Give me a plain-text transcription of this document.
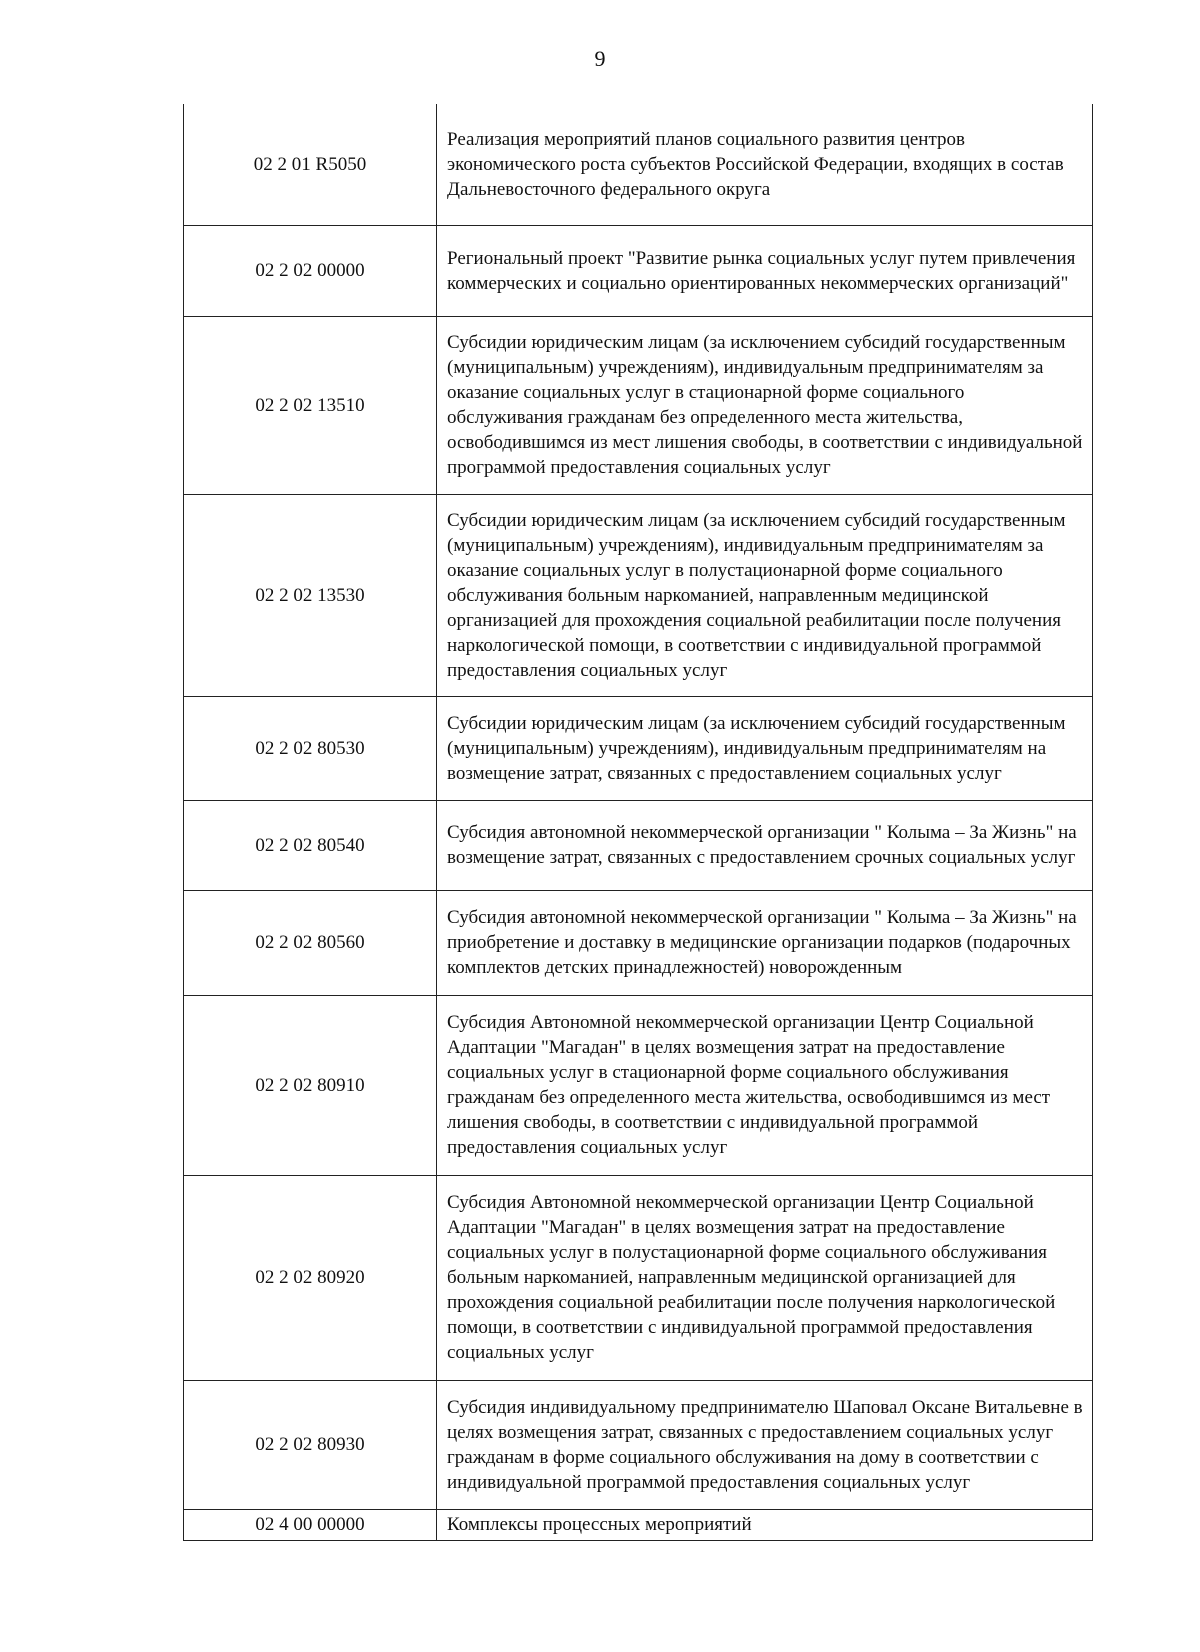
9
02 2 01 R5050	Реализация мероприятий планов социального развития центров экономического роста субъектов Российской Федерации, входящих в состав Дальневосточного федерального округа
02 2 02 00000	Региональный проект "Развитие рынка социальных услуг путем привлечения коммерческих и социально ориентированных некоммерческих организаций"
02 2 02 13510	Субсидии юридическим лицам (за исключением субсидий государственным (муниципальным) учреждениям), индивидуальным предпринимателям за оказание социальных услуг в стационарной форме социального обслуживания гражданам без определенного места жительства, освободившимся из мест лишения свободы, в соответствии с индивидуальной программой предоставления социальных услуг
02 2 02 13530	Субсидии юридическим лицам (за исключением субсидий государственным (муниципальным) учреждениям), индивидуальным предпринимателям за оказание социальных услуг в полустационарной форме социального обслуживания больным наркоманией, направленным медицинской организацией для прохождения социальной реабилитации после получения наркологической помощи, в соответствии с индивидуальной программой предоставления социальных услуг
02 2 02 80530	Субсидии юридическим лицам (за исключением субсидий государственным (муниципальным) учреждениям), индивидуальным предпринимателям на возмещение затрат, связанных с предоставлением социальных услуг
02 2 02 80540	Субсидия автономной некоммерческой организации " Колыма – За Жизнь" на возмещение затрат, связанных с предоставлением срочных социальных услуг
02 2 02 80560	Субсидия автономной некоммерческой организации " Колыма – За Жизнь" на приобретение и доставку в медицинские организации подарков (подарочных комплектов детских принадлежностей) новорожденным
02 2 02 80910	Субсидия Автономной некоммерческой организации Центр Социальной Адаптации "Магадан" в целях возмещения затрат на предоставление социальных услуг в стационарной форме социального обслуживания гражданам без определенного места жительства, освободившимся из мест лишения свободы, в соответствии с индивидуальной программой предоставления социальных услуг
02 2 02 80920	Субсидия Автономной некоммерческой организации Центр Социальной Адаптации "Магадан" в целях возмещения затрат на предоставление социальных услуг в полустационарной форме социального обслуживания больным наркоманией, направленным медицинской организацией для прохождения социальной реабилитации после получения наркологической помощи, в соответствии с индивидуальной программой предоставления социальных услуг
02 2 02 80930	Субсидия индивидуальному предпринимателю Шаповал Оксане Витальевне в целях возмещения затрат, связанных с предоставлением социальных услуг гражданам в форме социального обслуживания на дому в соответствии с индивидуальной программой предоставления социальных услуг
02 4 00 00000	Комплексы процессных мероприятий
